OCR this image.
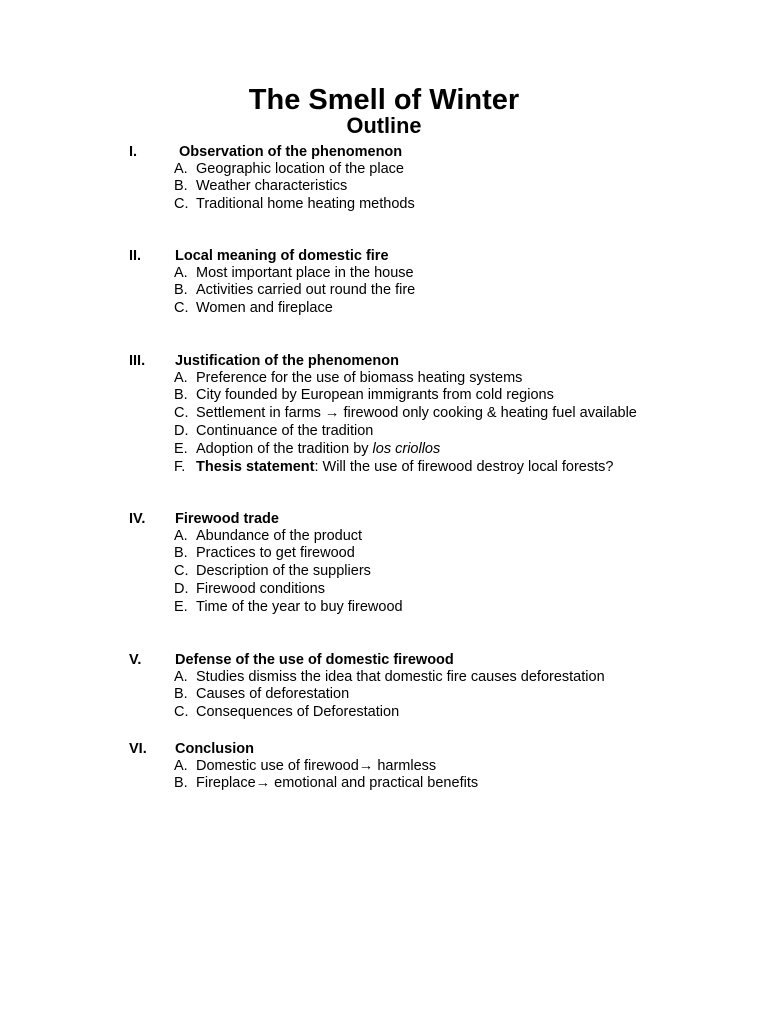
The Smell of Winter
Outline
I.	Observation of the phenomenon
A. Geographic location of the place
B. Weather characteristics
C. Traditional home heating methods
II. Local meaning of domestic fire
A. Most important place in the house
B. Activities carried out round the fire
C. Women and fireplace
III. Justification of the phenomenon
A. Preference for the use of biomass heating systems
B. City founded by European immigrants from cold regions
C. Settlement in farms → firewood only cooking & heating fuel available
D. Continuance of the tradition
E. Adoption of the tradition by los criollos
F. Thesis statement: Will the use of firewood destroy local forests?
IV. Firewood trade
A. Abundance of the product
B. Practices to get firewood
C. Description of the suppliers
D. Firewood conditions
E. Time of the year to buy firewood
V. Defense of the use of domestic firewood
A. Studies dismiss the idea that domestic fire causes deforestation
B. Causes of deforestation
C. Consequences of Deforestation
VI. Conclusion
A. Domestic use of firewood→ harmless
B. Fireplace→ emotional and practical benefits
